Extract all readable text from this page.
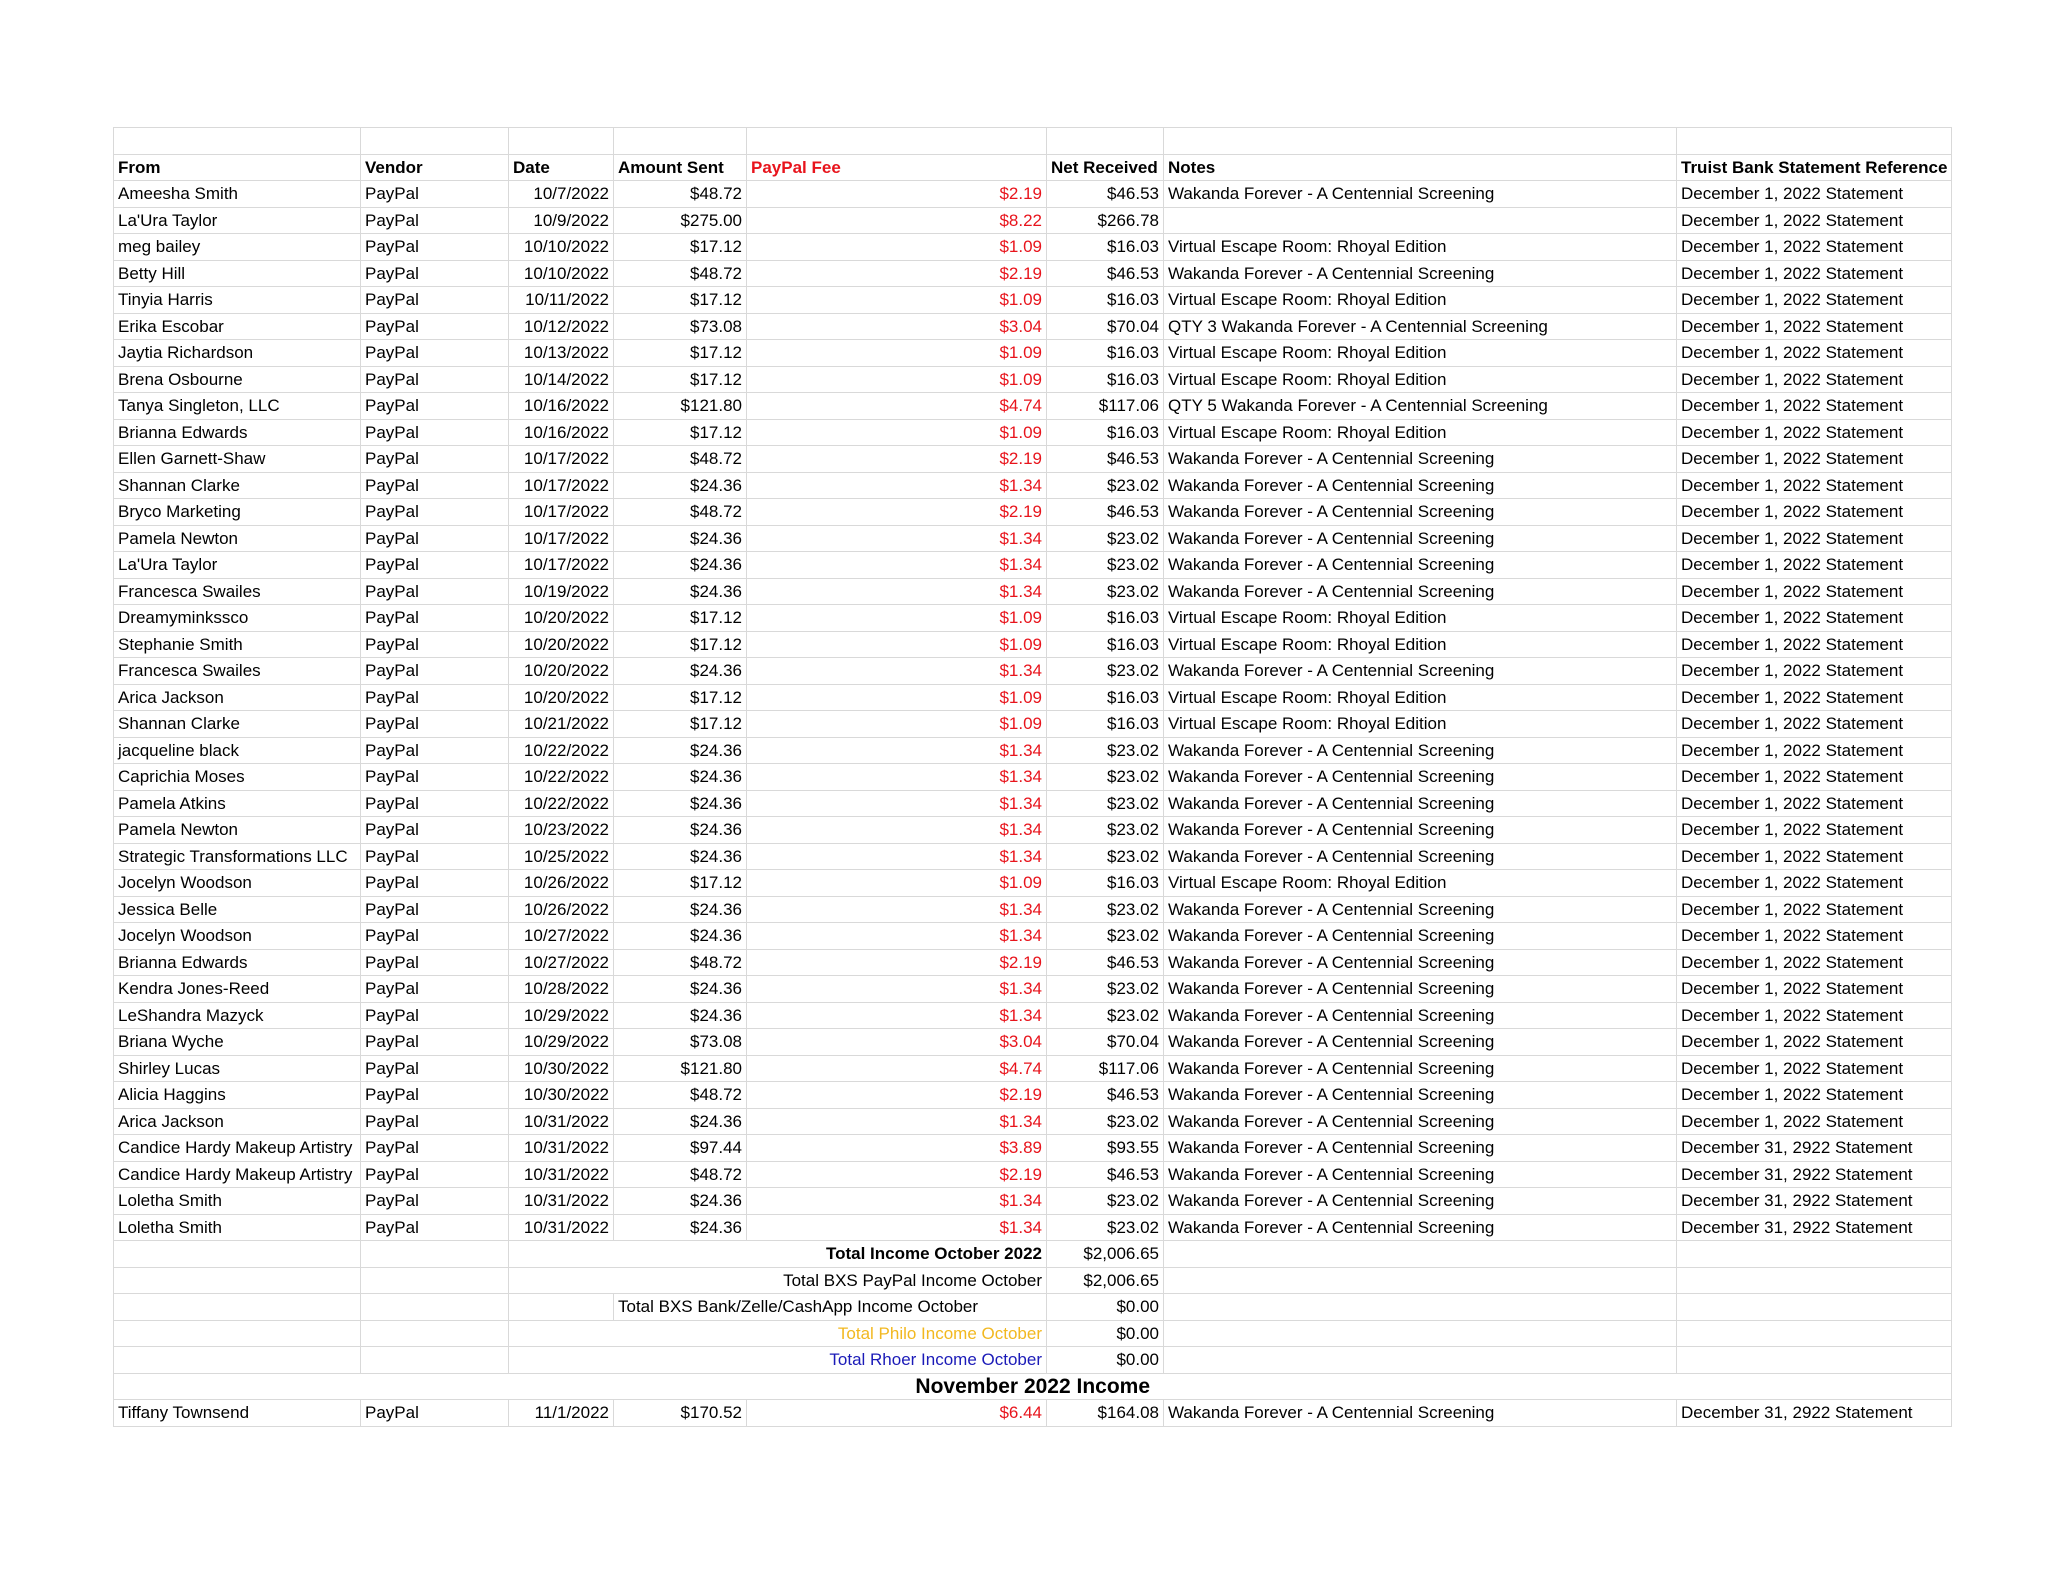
From	Vendor	Date	Amount Sent	PayPal Fee	Net Received	Notes	Truist Bank Statement Reference
Ameesha Smith	PayPal	10/7/2022	$48.72	$2.19	$46.53	Wakanda Forever - A Centennial Screening	December 1, 2022 Statement
La'Ura Taylor	PayPal	10/9/2022	$275.00	$8.22	$266.78		December 1, 2022 Statement
meg bailey	PayPal	10/10/2022	$17.12	$1.09	$16.03	Virtual Escape Room: Rhoyal Edition	December 1, 2022 Statement
Betty Hill	PayPal	10/10/2022	$48.72	$2.19	$46.53	Wakanda Forever - A Centennial Screening	December 1, 2022 Statement
Tinyia Harris	PayPal	10/11/2022	$17.12	$1.09	$16.03	Virtual Escape Room: Rhoyal Edition	December 1, 2022 Statement
Erika Escobar	PayPal	10/12/2022	$73.08	$3.04	$70.04	QTY 3 Wakanda Forever - A Centennial Screening	December 1, 2022 Statement
Jaytia Richardson	PayPal	10/13/2022	$17.12	$1.09	$16.03	Virtual Escape Room: Rhoyal Edition	December 1, 2022 Statement
Brena Osbourne	PayPal	10/14/2022	$17.12	$1.09	$16.03	Virtual Escape Room: Rhoyal Edition	December 1, 2022 Statement
Tanya Singleton, LLC	PayPal	10/16/2022	$121.80	$4.74	$117.06	QTY 5 Wakanda Forever - A Centennial Screening	December 1, 2022 Statement
Brianna Edwards	PayPal	10/16/2022	$17.12	$1.09	$16.03	Virtual Escape Room: Rhoyal Edition	December 1, 2022 Statement
Ellen Garnett-Shaw	PayPal	10/17/2022	$48.72	$2.19	$46.53	Wakanda Forever - A Centennial Screening	December 1, 2022 Statement
Shannan Clarke	PayPal	10/17/2022	$24.36	$1.34	$23.02	Wakanda Forever - A Centennial Screening	December 1, 2022 Statement
Bryco Marketing	PayPal	10/17/2022	$48.72	$2.19	$46.53	Wakanda Forever - A Centennial Screening	December 1, 2022 Statement
Pamela Newton	PayPal	10/17/2022	$24.36	$1.34	$23.02	Wakanda Forever - A Centennial Screening	December 1, 2022 Statement
La'Ura Taylor	PayPal	10/17/2022	$24.36	$1.34	$23.02	Wakanda Forever - A Centennial Screening	December 1, 2022 Statement
Francesca Swailes	PayPal	10/19/2022	$24.36	$1.34	$23.02	Wakanda Forever - A Centennial Screening	December 1, 2022 Statement
Dreamyminkssco	PayPal	10/20/2022	$17.12	$1.09	$16.03	Virtual Escape Room: Rhoyal Edition	December 1, 2022 Statement
Stephanie Smith	PayPal	10/20/2022	$17.12	$1.09	$16.03	Virtual Escape Room: Rhoyal Edition	December 1, 2022 Statement
Francesca Swailes	PayPal	10/20/2022	$24.36	$1.34	$23.02	Wakanda Forever - A Centennial Screening	December 1, 2022 Statement
Arica Jackson	PayPal	10/20/2022	$17.12	$1.09	$16.03	Virtual Escape Room: Rhoyal Edition	December 1, 2022 Statement
Shannan Clarke	PayPal	10/21/2022	$17.12	$1.09	$16.03	Virtual Escape Room: Rhoyal Edition	December 1, 2022 Statement
jacqueline black	PayPal	10/22/2022	$24.36	$1.34	$23.02	Wakanda Forever - A Centennial Screening	December 1, 2022 Statement
Caprichia Moses	PayPal	10/22/2022	$24.36	$1.34	$23.02	Wakanda Forever - A Centennial Screening	December 1, 2022 Statement
Pamela Atkins	PayPal	10/22/2022	$24.36	$1.34	$23.02	Wakanda Forever - A Centennial Screening	December 1, 2022 Statement
Pamela Newton	PayPal	10/23/2022	$24.36	$1.34	$23.02	Wakanda Forever - A Centennial Screening	December 1, 2022 Statement
Strategic Transformations LLC	PayPal	10/25/2022	$24.36	$1.34	$23.02	Wakanda Forever - A Centennial Screening	December 1, 2022 Statement
Jocelyn Woodson	PayPal	10/26/2022	$17.12	$1.09	$16.03	Virtual Escape Room: Rhoyal Edition	December 1, 2022 Statement
Jessica Belle	PayPal	10/26/2022	$24.36	$1.34	$23.02	Wakanda Forever - A Centennial Screening	December 1, 2022 Statement
Jocelyn Woodson	PayPal	10/27/2022	$24.36	$1.34	$23.02	Wakanda Forever - A Centennial Screening	December 1, 2022 Statement
Brianna Edwards	PayPal	10/27/2022	$48.72	$2.19	$46.53	Wakanda Forever - A Centennial Screening	December 1, 2022 Statement
Kendra Jones-Reed	PayPal	10/28/2022	$24.36	$1.34	$23.02	Wakanda Forever - A Centennial Screening	December 1, 2022 Statement
LeShandra Mazyck	PayPal	10/29/2022	$24.36	$1.34	$23.02	Wakanda Forever - A Centennial Screening	December 1, 2022 Statement
Briana Wyche	PayPal	10/29/2022	$73.08	$3.04	$70.04	Wakanda Forever - A Centennial Screening	December 1, 2022 Statement
Shirley Lucas	PayPal	10/30/2022	$121.80	$4.74	$117.06	Wakanda Forever - A Centennial Screening	December 1, 2022 Statement
Alicia Haggins	PayPal	10/30/2022	$48.72	$2.19	$46.53	Wakanda Forever - A Centennial Screening	December 1, 2022 Statement
Arica Jackson	PayPal	10/31/2022	$24.36	$1.34	$23.02	Wakanda Forever - A Centennial Screening	December 1, 2022 Statement
Candice Hardy Makeup Artistry	PayPal	10/31/2022	$97.44	$3.89	$93.55	Wakanda Forever - A Centennial Screening	December 31, 2922 Statement
Candice Hardy Makeup Artistry	PayPal	10/31/2022	$48.72	$2.19	$46.53	Wakanda Forever - A Centennial Screening	December 31, 2922 Statement
Loletha Smith	PayPal	10/31/2022	$24.36	$1.34	$23.02	Wakanda Forever - A Centennial Screening	December 31, 2922 Statement
Loletha Smith	PayPal	10/31/2022	$24.36	$1.34	$23.02	Wakanda Forever - A Centennial Screening	December 31, 2922 Statement
		Total Income October 2022			$2,006.65		
		Total BXS PayPal Income October			$2,006.65		
			Total BXS Bank/Zelle/CashApp Income October		$0.00		
		Total Philo Income October			$0.00		
		Total Rhoer Income October			$0.00		
November 2022 Income							
Tiffany Townsend	PayPal	11/1/2022	$170.52	$6.44	$164.08	Wakanda Forever - A Centennial Screening	December 31, 2922 Statement
